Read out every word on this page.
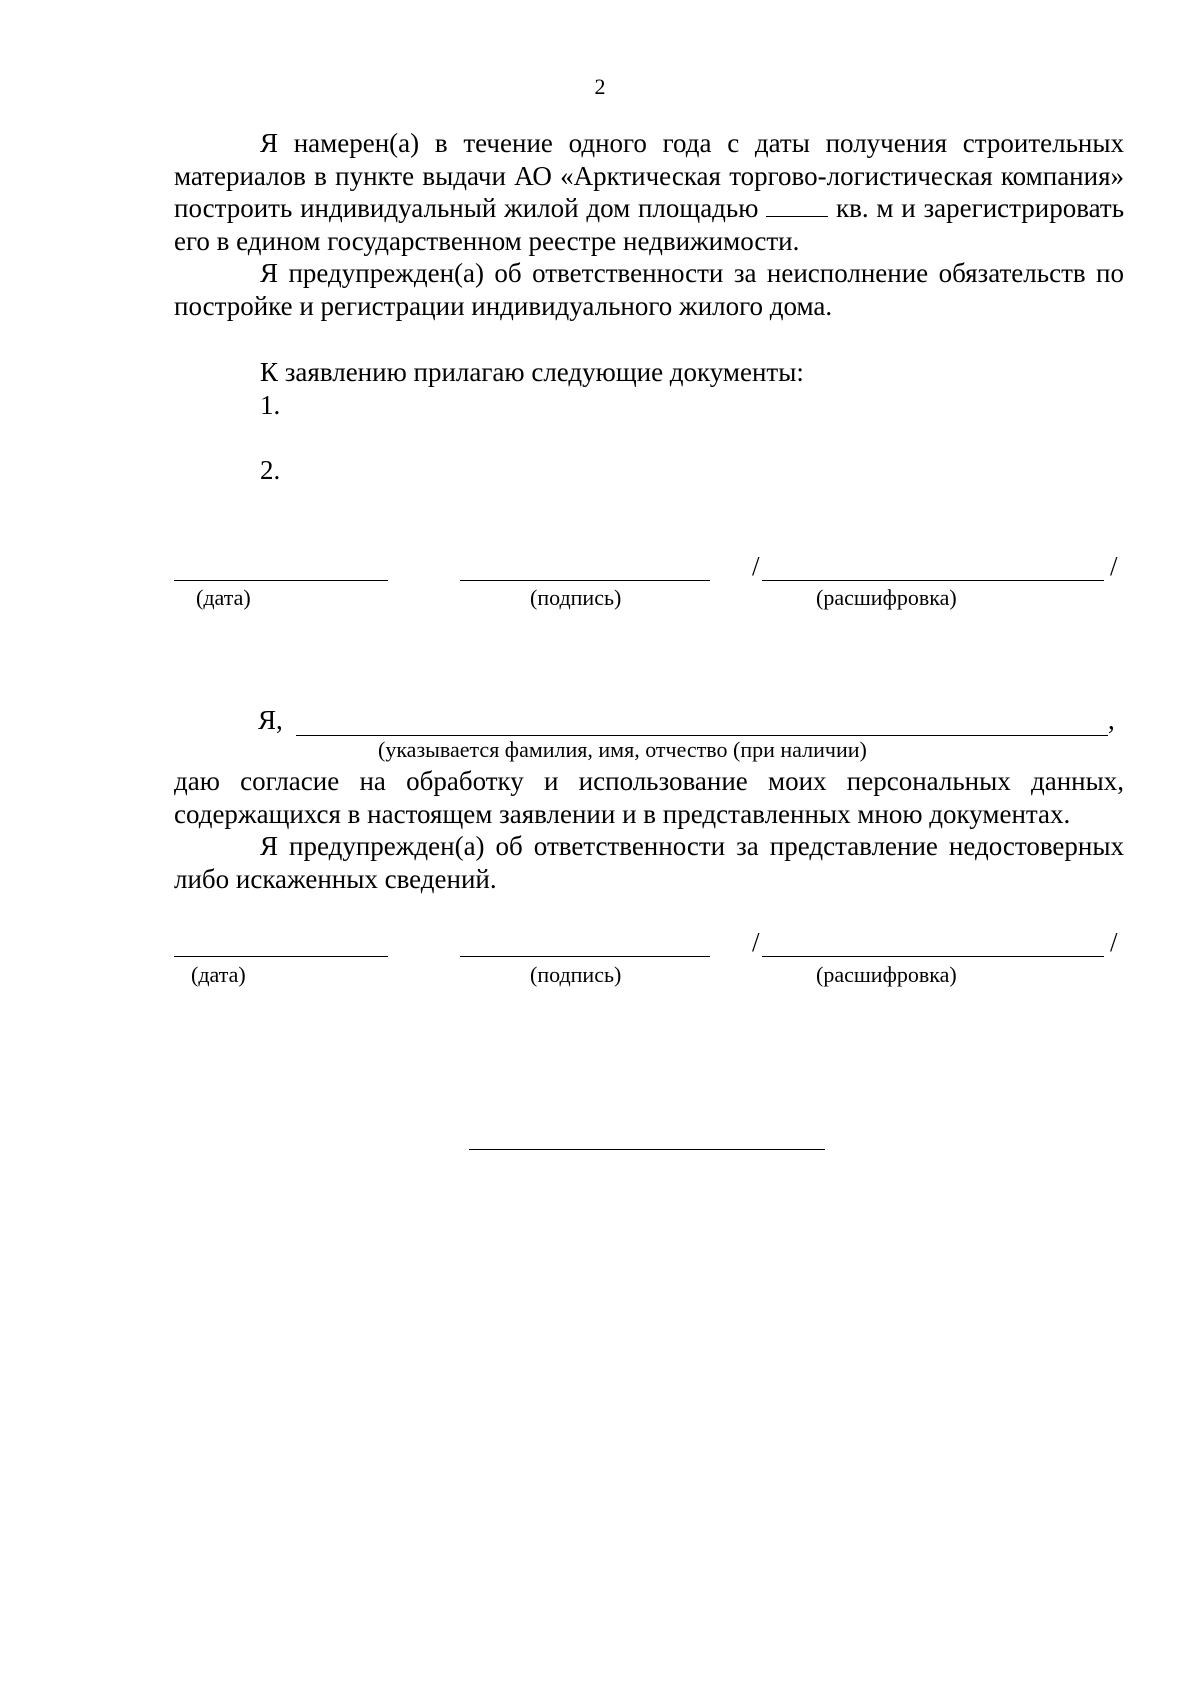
2
Я намерен(а) в течение одного года с даты получения строительных материалов в пункте выдачи АО «Арктическая торгово-логистическая компания» построить индивидуальный жилой дом площадью	кв. м и зарегистрировать его в едином государственном реестре недвижимости.
Я предупрежден(а) об ответственности за неисполнение обязательств по постройке и регистрации индивидуального жилого дома.
К заявлению прилагаю следующие документы:
1.
2.
/	/
(дата)	(подпись)	(расшифровка)
Я,	,
(указывается фамилия, имя, отчество (при наличии)
даю согласие на обработку и использование моих персональных данных, содержащихся в настоящем заявлении и в представленных мною документах.
Я предупрежден(а) об ответственности за представление недостоверных либо искаженных сведений.
/	/
(дата)	(подпись)	(расшифровка)
